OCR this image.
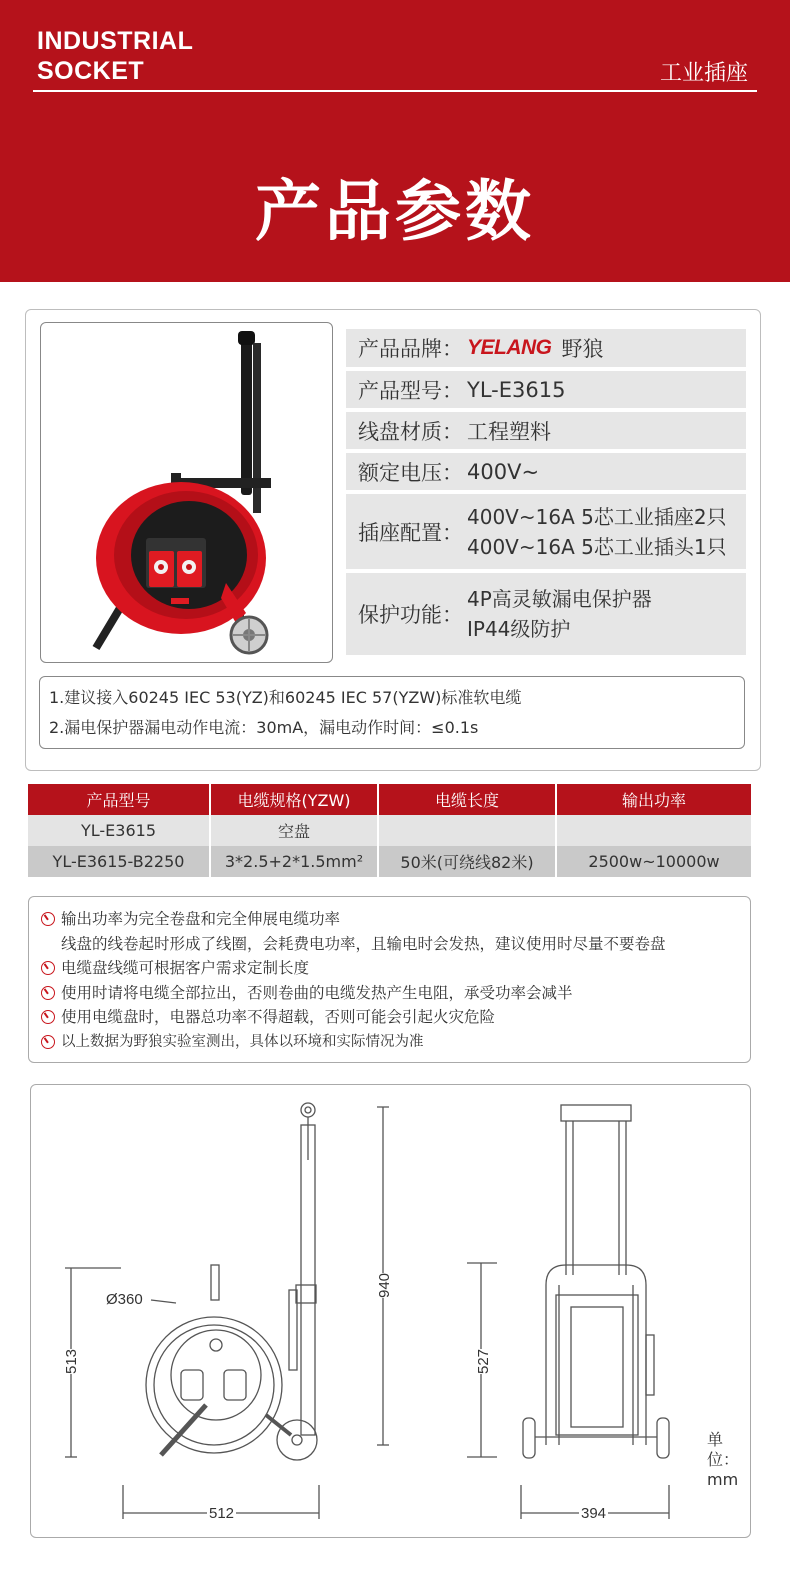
INDUSTRIAL
SOCKET	工业插座
产品参数
产品品牌： YELANG 野狼
产品型号： YL-E3615
线盘材质： 工程塑料
额定电压： 400V~
插座配置：
400V~16A 5芯工业插座2只
400V~16A 5芯工业插头1只
保护功能：
4P高灵敏漏电保护器
IP44级防护
1.建议接入60245 IEC 53(YZ)和60245 IEC 57(YZW)标准软电缆
2.漏电保护器漏电动作电流：30mA，漏电动作时间：≤0.1s
产品型号	电缆规格(YZW)	电缆长度	输出功率
YL-E3615	空盘		
YL-E3615-B2250	3*2.5+2*1.5mm²	50米(可绕线82米)	2500w~10000w
输出功率为完全卷盘和完全伸展电缆功率
线盘的线卷起时形成了线圈，会耗费电功率，且输电时会发热，建议使用时尽量不要卷盘
电缆盘线缆可根据客户需求定制长度
使用时请将电缆全部拉出，否则卷曲的电缆发热产生电阻，承受功率会减半
使用电缆盘时，电器总功率不得超载，否则可能会引起火灾危险
以上数据为野狼实验室测出，具体以环境和实际情况为准
Ø360
940
513
512
527
394
单位：mm
